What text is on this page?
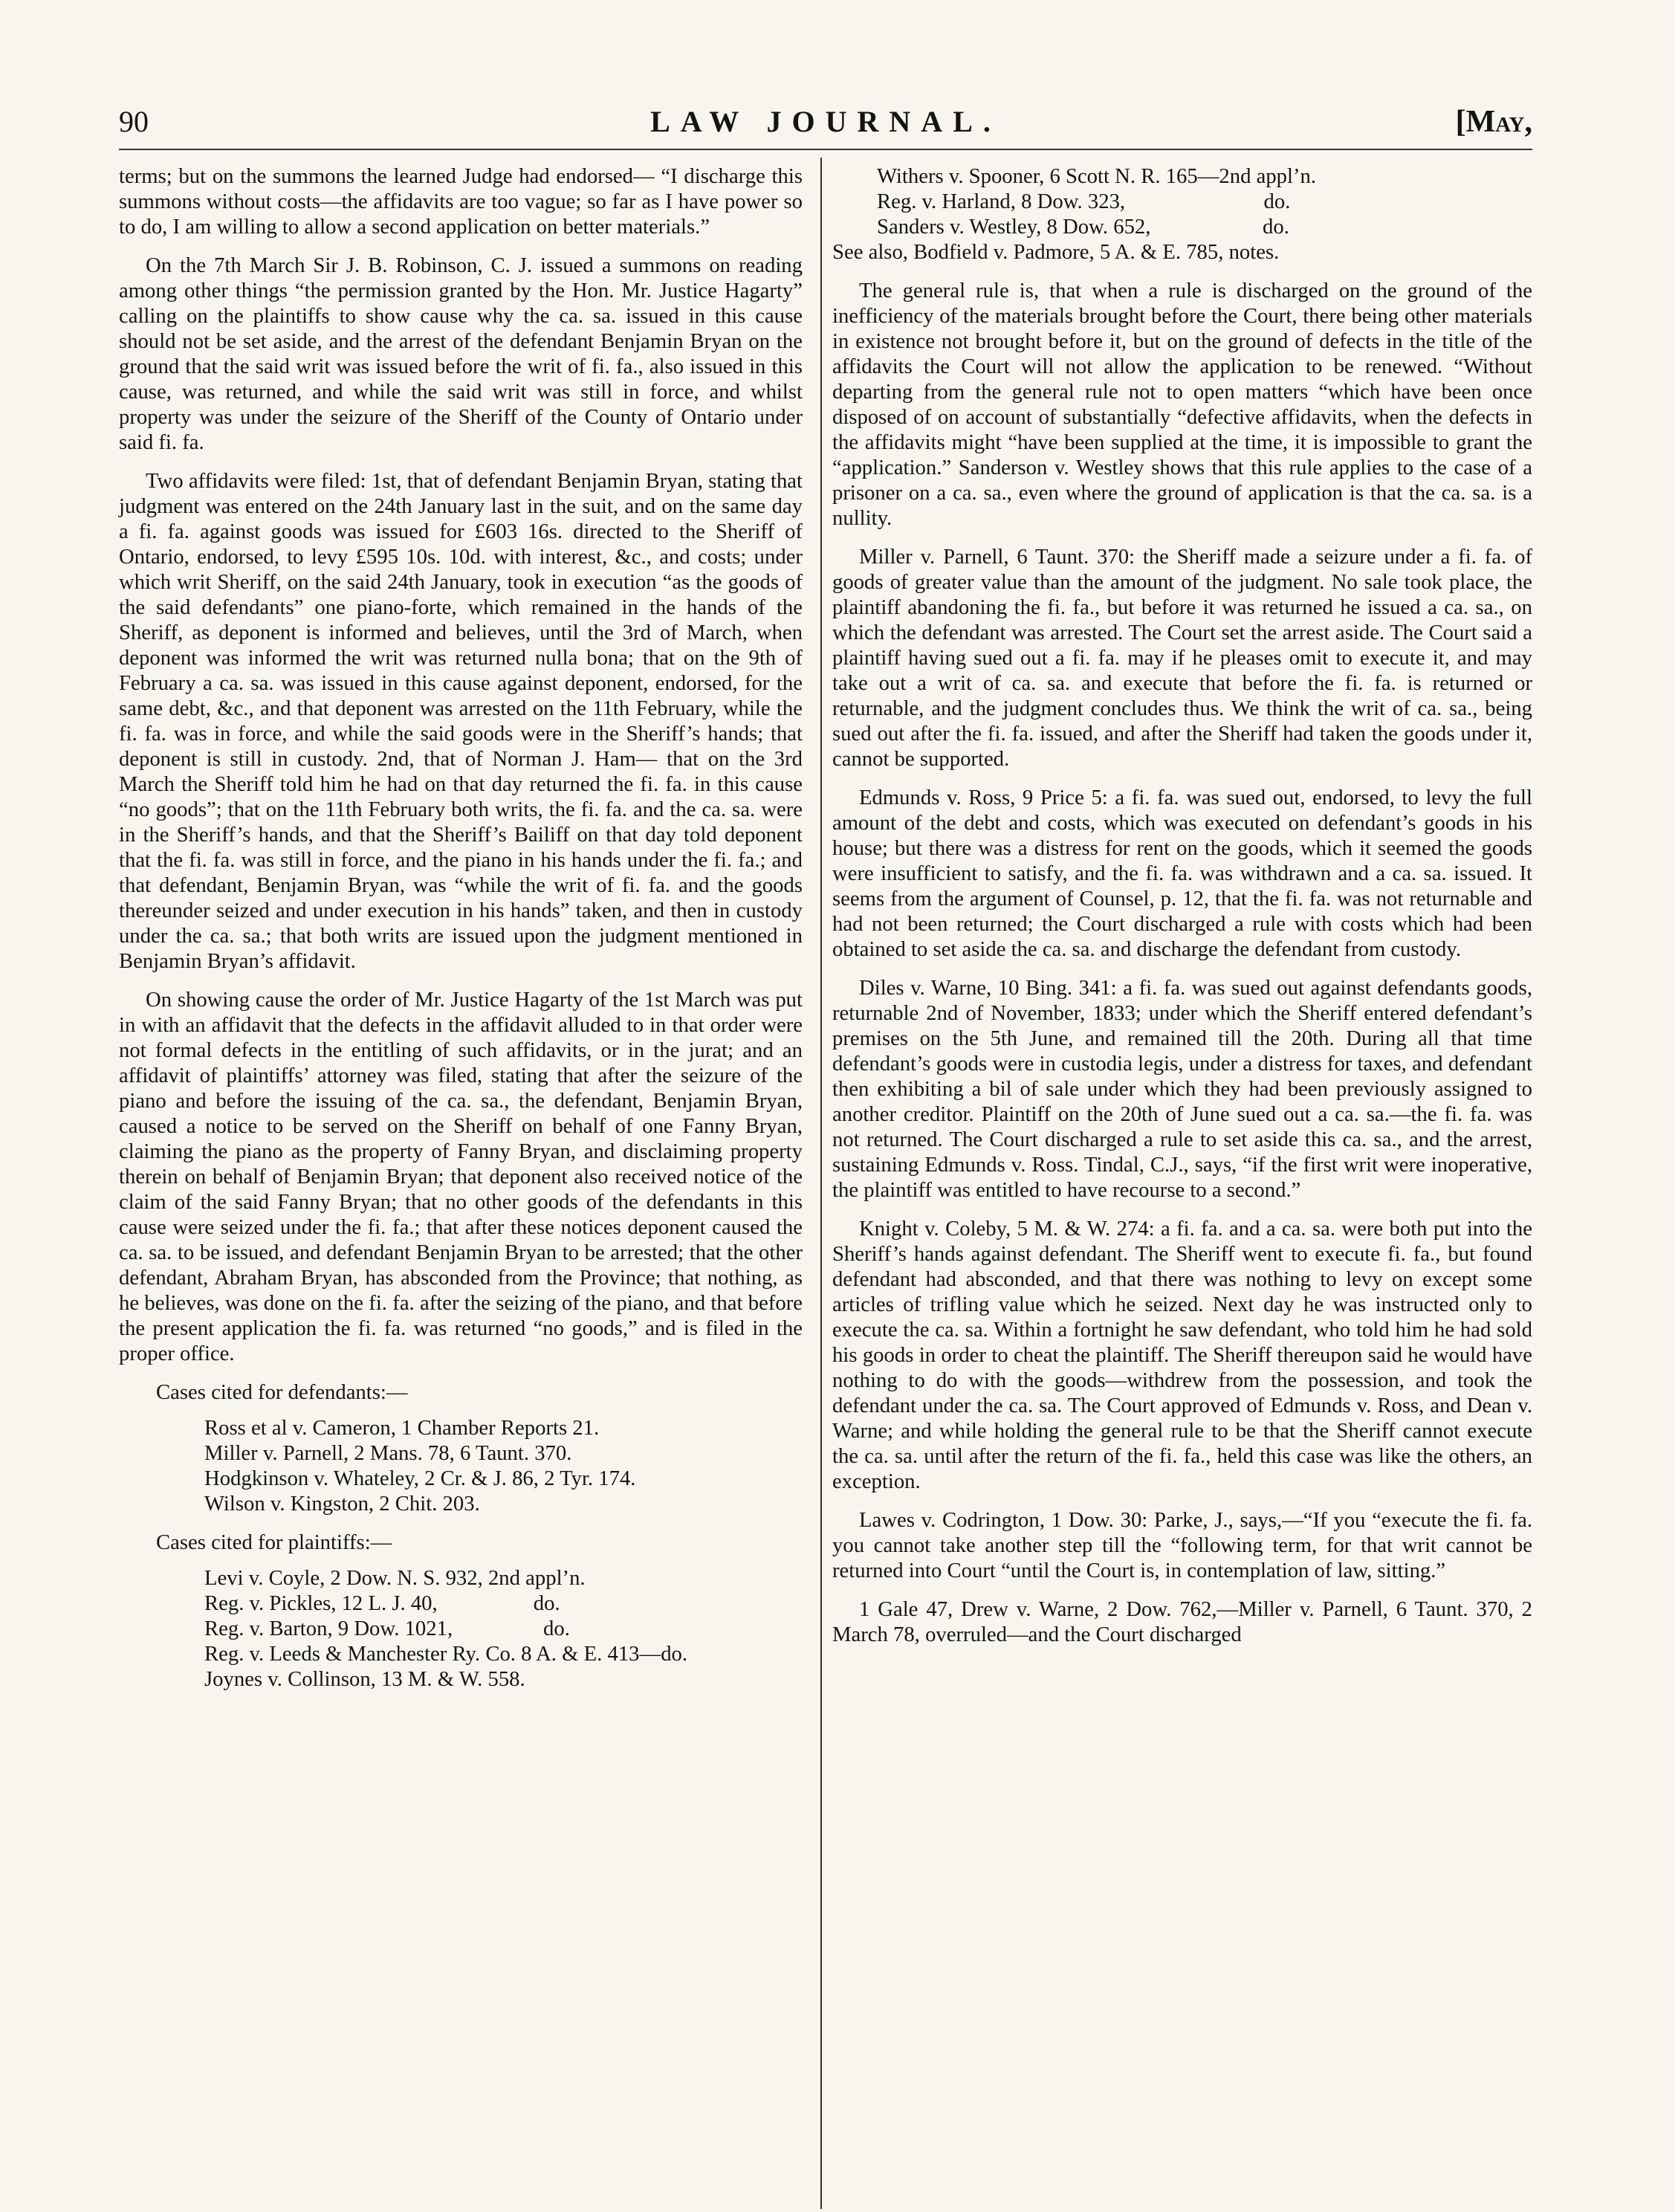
90	LAW JOURNAL.	[May,

terms; but on the summons the learned Judge had endorsed— “I discharge this summons without costs—the affidavits are too vague; so far as I have power so to do, I am willing to allow a second application on better materials.”

On the 7th March Sir J. B. Robinson, C. J. issued a summons on reading among other things “the permission granted by the Hon. Mr. Justice Hagarty” calling on the plaintiffs to show cause why the ca. sa. issued in this cause should not be set aside, and the arrest of the defendant Benjamin Bryan on the ground that the said writ was issued before the writ of fi. fa., also issued in this cause, was returned, and while the said writ was still in force, and whilst property was under the seizure of the Sheriff of the County of Ontario under said fi. fa.

Two affidavits were filed: 1st, that of defendant Benjamin Bryan, stating that judgment was entered on the 24th January last in the suit, and on the same day a fi. fa. against goods was issued for £603 16s. directed to the Sheriff of Ontario, endorsed, to levy £595 10s. 10d. with interest, &c., and costs; under which writ Sheriff, on the said 24th January, took in execution “as the goods of the said defendants” one piano-forte, which remained in the hands of the Sheriff, as deponent is informed and believes, until the 3rd of March, when deponent was informed the writ was returned nulla bona; that on the 9th of February a ca. sa. was issued in this cause against deponent, endorsed, for the same debt, &c., and that deponent was arrested on the 11th February, while the fi. fa. was in force, and while the said goods were in the Sheriff’s hands; that deponent is still in custody. 2nd, that of Norman J. Ham— that on the 3rd March the Sheriff told him he had on that day returned the fi. fa. in this cause “no goods”; that on the 11th February both writs, the fi. fa. and the ca. sa. were in the Sheriff’s hands, and that the Sheriff’s Bailiff on that day told deponent that the fi. fa. was still in force, and the piano in his hands under the fi. fa.; and that defendant, Benjamin Bryan, was “while the writ of fi. fa. and the goods thereunder seized and under execution in his hands” taken, and then in custody under the ca. sa.; that both writs are issued upon the judgment mentioned in Benjamin Bryan’s affidavit.

On showing cause the order of Mr. Justice Hagarty of the 1st March was put in with an affidavit that the defects in the affidavit alluded to in that order were not formal defects in the entitling of such affidavits, or in the jurat; and an affidavit of plaintiffs’ attorney was filed, stating that after the seizure of the piano and before the issuing of the ca. sa., the defendant, Benjamin Bryan, caused a notice to be served on the Sheriff on behalf of one Fanny Bryan, claiming the piano as the property of Fanny Bryan, and disclaiming property therein on behalf of Benjamin Bryan; that deponent also received notice of the claim of the said Fanny Bryan; that no other goods of the defendants in this cause were seized under the fi. fa.; that after these notices deponent caused the ca. sa. to be issued, and defendant Benjamin Bryan to be arrested; that the other defendant, Abraham Bryan, has absconded from the Province; that nothing, as he believes, was done on the fi. fa. after the seizing of the piano, and that before the present application the fi. fa. was returned “no goods,” and is filed in the proper office.

Cases cited for defendants:—
Ross et al v. Cameron, 1 Chamber Reports 21.
Miller v. Parnell, 2 Mans. 78, 6 Taunt. 370.
Hodgkinson v. Whateley, 2 Cr. & J. 86, 2 Tyr. 174.
Wilson v. Kingston, 2 Chit. 203.
Cases cited for plaintiffs:—
Levi v. Coyle, 2 Dow. N. S. 932, 2nd appl’n.
Reg. v. Pickles, 12 L. J. 40,                  do.
Reg. v. Barton, 9 Dow. 1021,                 do.
Reg. v. Leeds & Manchester Ry. Co. 8 A. & E. 413—do.
Joynes v. Collinson, 13 M. & W. 558.
Withers v. Spooner, 6 Scott N. R. 165—2nd appl’n.
Reg. v. Harland, 8 Dow. 323,                          do.
Sanders v. Westley, 8 Dow. 652,                     do.
See also, Bodfield v. Padmore, 5 A. & E. 785, notes.

The general rule is, that when a rule is discharged on the ground of the inefficiency of the materials brought before the Court, there being other materials in existence not brought before it, but on the ground of defects in the title of the affidavits the Court will not allow the application to be renewed. “Without departing from the general rule not to open matters “which have been once disposed of on account of substantially “defective affidavits, when the defects in the affidavits might “have been supplied at the time, it is impossible to grant the “application.” Sanderson v. Westley shows that this rule applies to the case of a prisoner on a ca. sa., even where the ground of application is that the ca. sa. is a nullity.

Miller v. Parnell, 6 Taunt. 370: the Sheriff made a seizure under a fi. fa. of goods of greater value than the amount of the judgment. No sale took place, the plaintiff abandoning the fi. fa., but before it was returned he issued a ca. sa., on which the defendant was arrested. The Court set the arrest aside. The Court said a plaintiff having sued out a fi. fa. may if he pleases omit to execute it, and may take out a writ of ca. sa. and execute that before the fi. fa. is returned or returnable, and the judgment concludes thus. We think the writ of ca. sa., being sued out after the fi. fa. issued, and after the Sheriff had taken the goods under it, cannot be supported.

Edmunds v. Ross, 9 Price 5: a fi. fa. was sued out, endorsed, to levy the full amount of the debt and costs, which was executed on defendant’s goods in his house; but there was a distress for rent on the goods, which it seemed the goods were insufficient to satisfy, and the fi. fa. was withdrawn and a ca. sa. issued. It seems from the argument of Counsel, p. 12, that the fi. fa. was not returnable and had not been returned; the Court discharged a rule with costs which had been obtained to set aside the ca. sa. and discharge the defendant from custody.

Diles v. Warne, 10 Bing. 341: a fi. fa. was sued out against defendants goods, returnable 2nd of November, 1833; under which the Sheriff entered defendant’s premises on the 5th June, and remained till the 20th. During all that time defendant’s goods were in custodia legis, under a distress for taxes, and defendant then exhibiting a bil of sale under which they had been previously assigned to another creditor. Plaintiff on the 20th of June sued out a ca. sa.—the fi. fa. was not returned. The Court discharged a rule to set aside this ca. sa., and the arrest, sustaining Edmunds v. Ross. Tindal, C.J., says, “if the first writ were inoperative, the plaintiff was entitled to have recourse to a second.”

Knight v. Coleby, 5 M. & W. 274: a fi. fa. and a ca. sa. were both put into the Sheriff’s hands against defendant. The Sheriff went to execute fi. fa., but found defendant had absconded, and that there was nothing to levy on except some articles of trifling value which he seized. Next day he was instructed only to execute the ca. sa. Within a fortnight he saw defendant, who told him he had sold his goods in order to cheat the plaintiff. The Sheriff thereupon said he would have nothing to do with the goods—withdrew from the possession, and took the defendant under the ca. sa. The Court approved of Edmunds v. Ross, and Dean v. Warne; and while holding the general rule to be that the Sheriff cannot execute the ca. sa. until after the return of the fi. fa., held this case was like the others, an exception.

Lawes v. Codrington, 1 Dow. 30: Parke, J., says,—“If you “execute the fi. fa. you cannot take another step till the “following term, for that writ cannot be returned into Court “until the Court is, in contemplation of law, sitting.”

1 Gale 47, Drew v. Warne, 2 Dow. 762,—Miller v. Parnell, 6 Taunt. 370, 2 March 78, overruled—and the Court discharged
